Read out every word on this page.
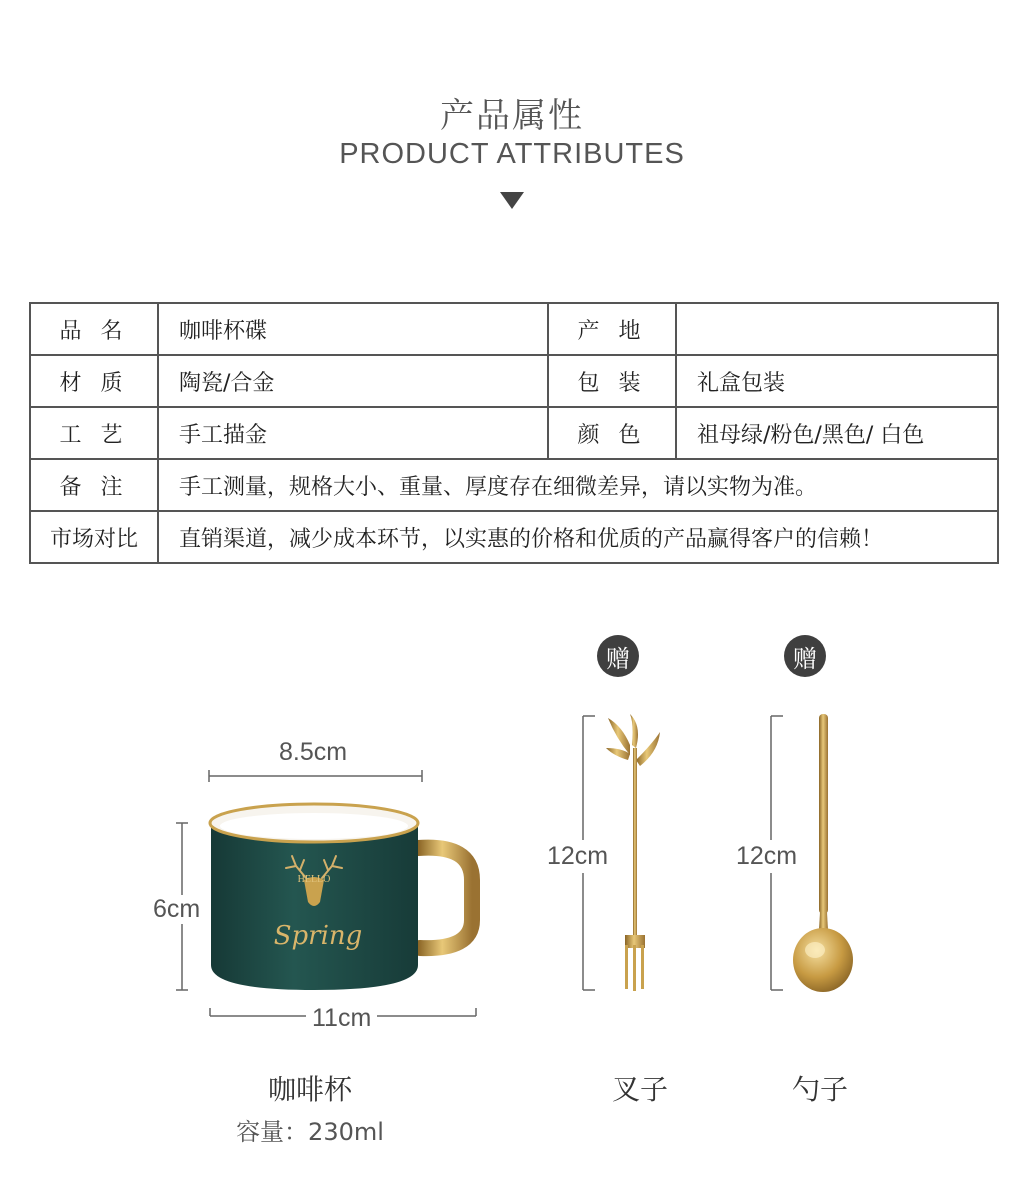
产品属性
PRODUCT ATTRIBUTES
品 名	咖啡杯碟	产 地	
材 质	陶瓷/合金	包 装	礼盒包装
工 艺	手工描金	颜 色	祖母绿/粉色/黑色/ 白色
备 注	手工测量，规格大小、重量、厚度存在细微差异，请以实物为准。		
市场对比	直销渠道，减少成本环节，以实惠的价格和优质的产品赢得客户的信赖！		
HELLO
Spring
8.5cm
6cm
11cm
12cm	12cm
赠	赠
咖啡杯
容量：230ml
叉子	勺子
